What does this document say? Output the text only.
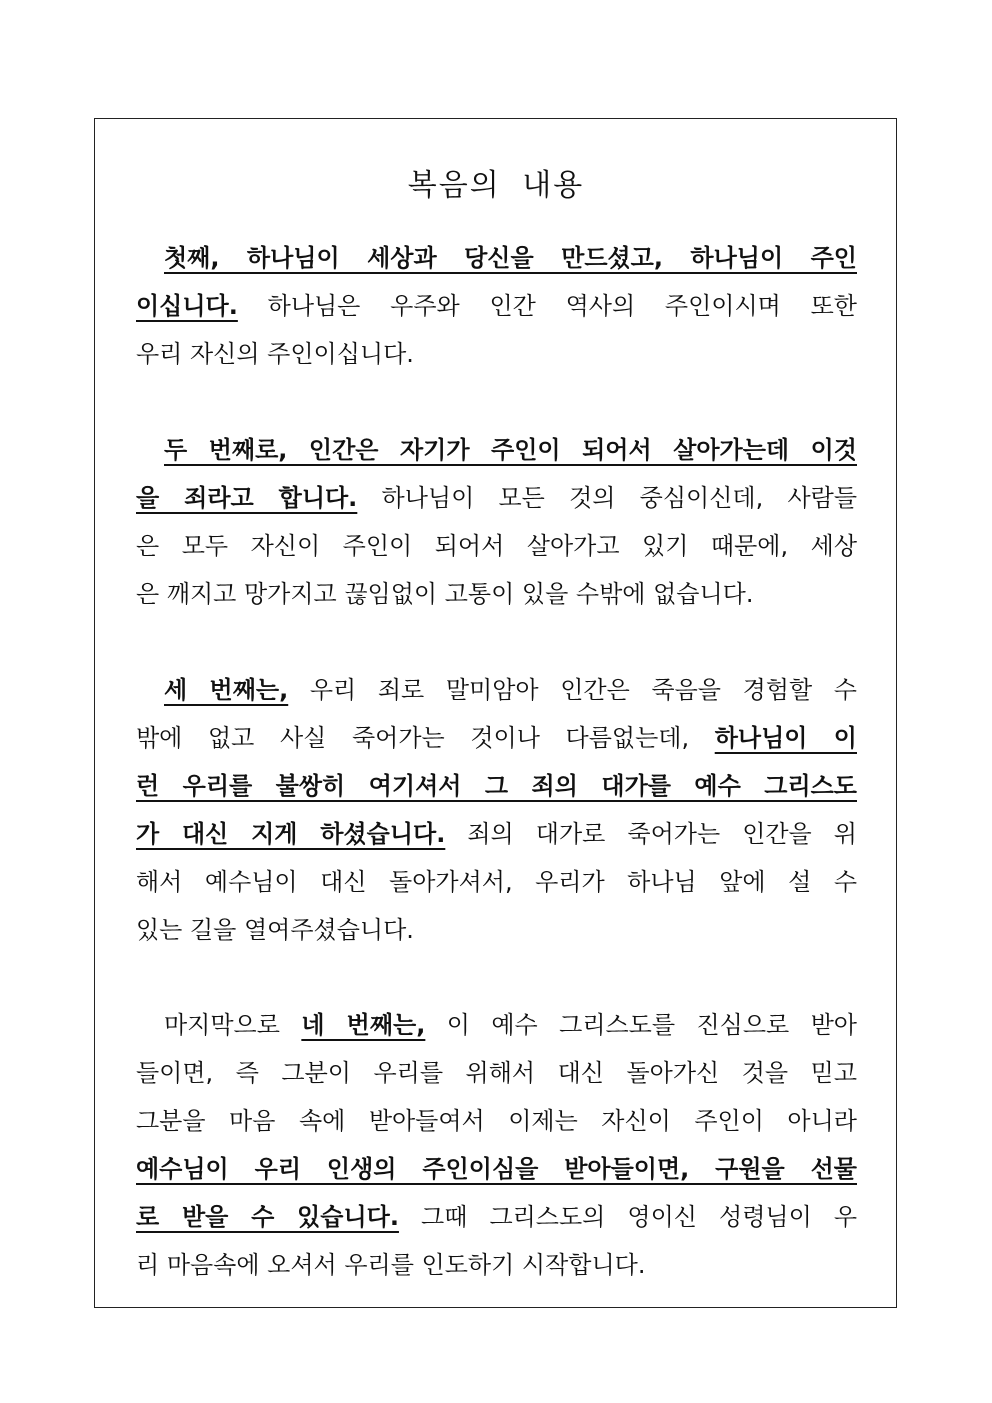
복음의 내용
첫째, 하나님이 세상과 당신을 만드셨고, 하나님이 주인
이십니다. 하나님은 우주와 인간 역사의 주인이시며 또한
우리 자신의 주인이십니다.
두 번째로, 인간은 자기가 주인이 되어서 살아가는데 이것
을 죄라고 합니다. 하나님이 모든 것의 중심이신데, 사람들
은 모두 자신이 주인이 되어서 살아가고 있기 때문에, 세상
은 깨지고 망가지고 끊임없이 고통이 있을 수밖에 없습니다.
세 번째는, 우리 죄로 말미암아 인간은 죽음을 경험할 수
밖에 없고 사실 죽어가는 것이나 다름없는데, 하나님이 이
런 우리를 불쌍히 여기셔서 그 죄의 대가를 예수 그리스도
가 대신 지게 하셨습니다. 죄의 대가로 죽어가는 인간을 위
해서 예수님이 대신 돌아가셔서, 우리가 하나님 앞에 설 수
있는 길을 열여주셨습니다.
마지막으로 네 번째는, 이 예수 그리스도를 진심으로 받아
들이면, 즉 그분이 우리를 위해서 대신 돌아가신 것을 믿고
그분을 마음 속에 받아들여서 이제는 자신이 주인이 아니라
예수님이 우리 인생의 주인이심을 받아들이면, 구원을 선물
로 받을 수 있습니다. 그때 그리스도의 영이신 성령님이 우
리 마음속에 오셔서 우리를 인도하기 시작합니다.
